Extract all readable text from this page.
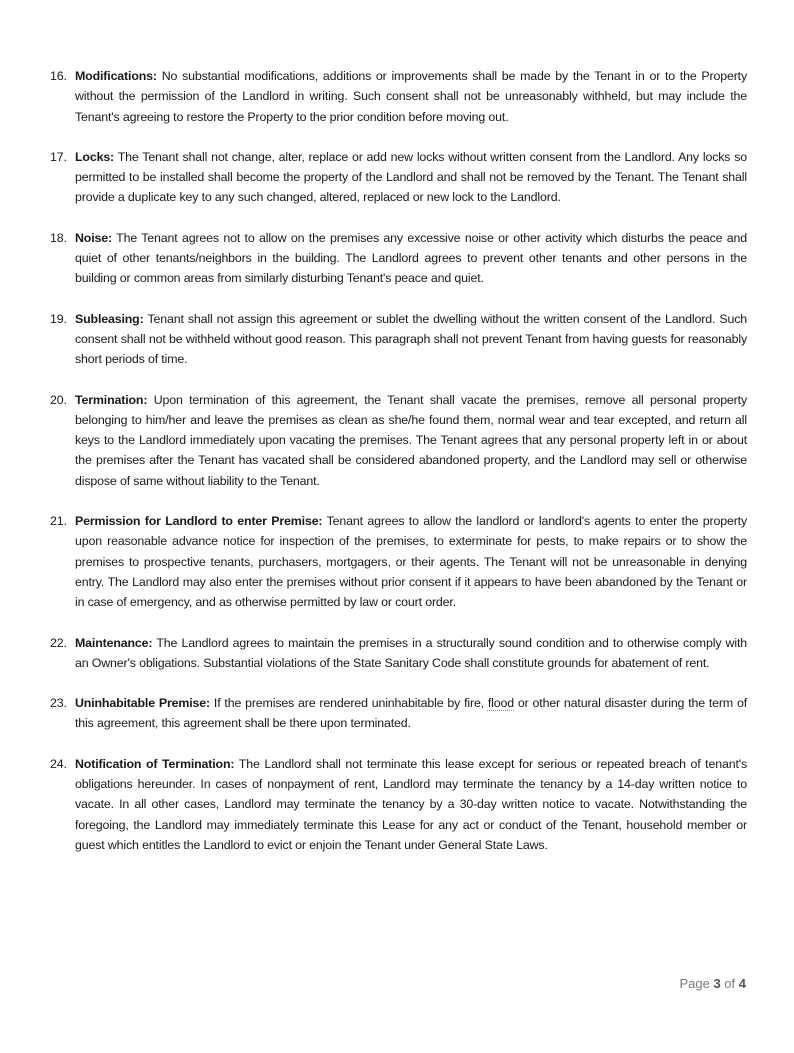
16. Modifications: No substantial modifications, additions or improvements shall be made by the Tenant in or to the Property without the permission of the Landlord in writing. Such consent shall not be unreasonably withheld, but may include the Tenant's agreeing to restore the Property to the prior condition before moving out.
17. Locks: The Tenant shall not change, alter, replace or add new locks without written consent from the Landlord. Any locks so permitted to be installed shall become the property of the Landlord and shall not be removed by the Tenant. The Tenant shall provide a duplicate key to any such changed, altered, replaced or new lock to the Landlord.
18. Noise: The Tenant agrees not to allow on the premises any excessive noise or other activity which disturbs the peace and quiet of other tenants/neighbors in the building. The Landlord agrees to prevent other tenants and other persons in the building or common areas from similarly disturbing Tenant's peace and quiet.
19. Subleasing: Tenant shall not assign this agreement or sublet the dwelling without the written consent of the Landlord. Such consent shall not be withheld without good reason. This paragraph shall not prevent Tenant from having guests for reasonably short periods of time.
20. Termination: Upon termination of this agreement, the Tenant shall vacate the premises, remove all personal property belonging to him/her and leave the premises as clean as she/he found them, normal wear and tear excepted, and return all keys to the Landlord immediately upon vacating the premises. The Tenant agrees that any personal property left in or about the premises after the Tenant has vacated shall be considered abandoned property, and the Landlord may sell or otherwise dispose of same without liability to the Tenant.
21. Permission for Landlord to enter Premise: Tenant agrees to allow the landlord or landlord's agents to enter the property upon reasonable advance notice for inspection of the premises, to exterminate for pests, to make repairs or to show the premises to prospective tenants, purchasers, mortgagers, or their agents. The Tenant will not be unreasonable in denying entry. The Landlord may also enter the premises without prior consent if it appears to have been abandoned by the Tenant or in case of emergency, and as otherwise permitted by law or court order.
22. Maintenance: The Landlord agrees to maintain the premises in a structurally sound condition and to otherwise comply with an Owner's obligations. Substantial violations of the State Sanitary Code shall constitute grounds for abatement of rent.
23. Uninhabitable Premise: If the premises are rendered uninhabitable by fire, flood or other natural disaster during the term of this agreement, this agreement shall be there upon terminated.
24. Notification of Termination: The Landlord shall not terminate this lease except for serious or repeated breach of tenant's obligations hereunder. In cases of nonpayment of rent, Landlord may terminate the tenancy by a 14-day written notice to vacate. In all other cases, Landlord may terminate the tenancy by a 30-day written notice to vacate. Notwithstanding the foregoing, the Landlord may immediately terminate this Lease for any act or conduct of the Tenant, household member or guest which entitles the Landlord to evict or enjoin the Tenant under General State Laws.
Page 3 of 4
